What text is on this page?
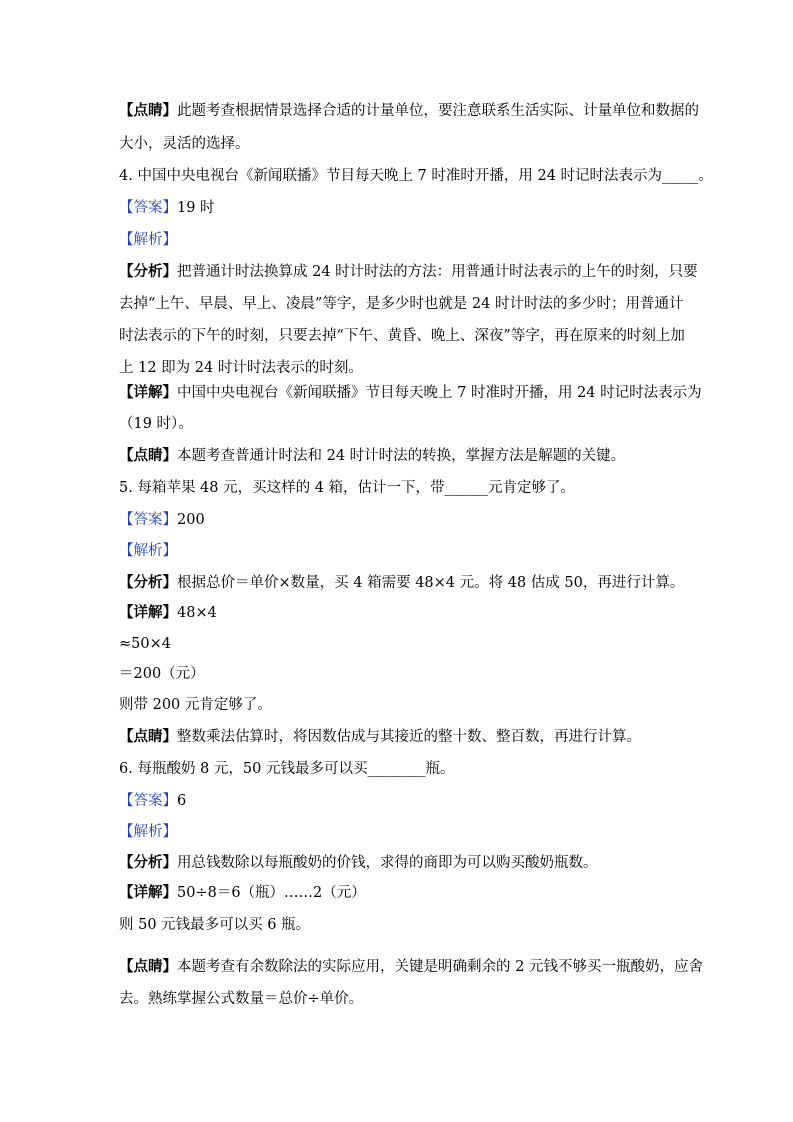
【点睛】此题考查根据情景选择合适的计量单位，要注意联系生活实际、计量单位和数据的
大小，灵活的选择。
4. 中国中央电视台《新闻联播》节目每天晚上 7 时准时开播，用 24 时记时法表示为_____。
【答案】19 时
【解析】
【分析】把普通计时法换算成 24 时计时法的方法：用普通计时法表示的上午的时刻，只要
去掉“上午、早晨、早上、凌晨”等字，是多少时也就是 24 时计时法的多少时；用普通计
时法表示的下午的时刻，只要去掉“下午、黄昏、晚上、深夜”等字，再在原来的时刻上加
上 12 即为 24 时计时法表示的时刻。
【详解】中国中央电视台《新闻联播》节目每天晚上 7 时准时开播，用 24 时记时法表示为
（19 时）。
【点睛】本题考查普通计时法和 24 时计时法的转换，掌握方法是解题的关键。
5. 每箱苹果 48 元，买这样的 4 箱，估计一下，带______元肯定够了。
【答案】200
【解析】
【分析】根据总价＝单价×数量，买 4 箱需要 48×4 元。将 48 估成 50，再进行计算。
【详解】48×4
≈50×4
＝200（元）
则带 200 元肯定够了。
【点睛】整数乘法估算时，将因数估成与其接近的整十数、整百数，再进行计算。
6. 每瓶酸奶 8 元，50 元钱最多可以买________瓶。
【答案】6
【解析】
【分析】用总钱数除以每瓶酸奶的价钱，求得的商即为可以购买酸奶瓶数。
【详解】50÷8＝6（瓶）……2（元）
则 50 元钱最多可以买 6 瓶。
【点睛】本题考查有余数除法的实际应用，关键是明确剩余的 2 元钱不够买一瓶酸奶，应舍
去。熟练掌握公式数量＝总价÷单价。
